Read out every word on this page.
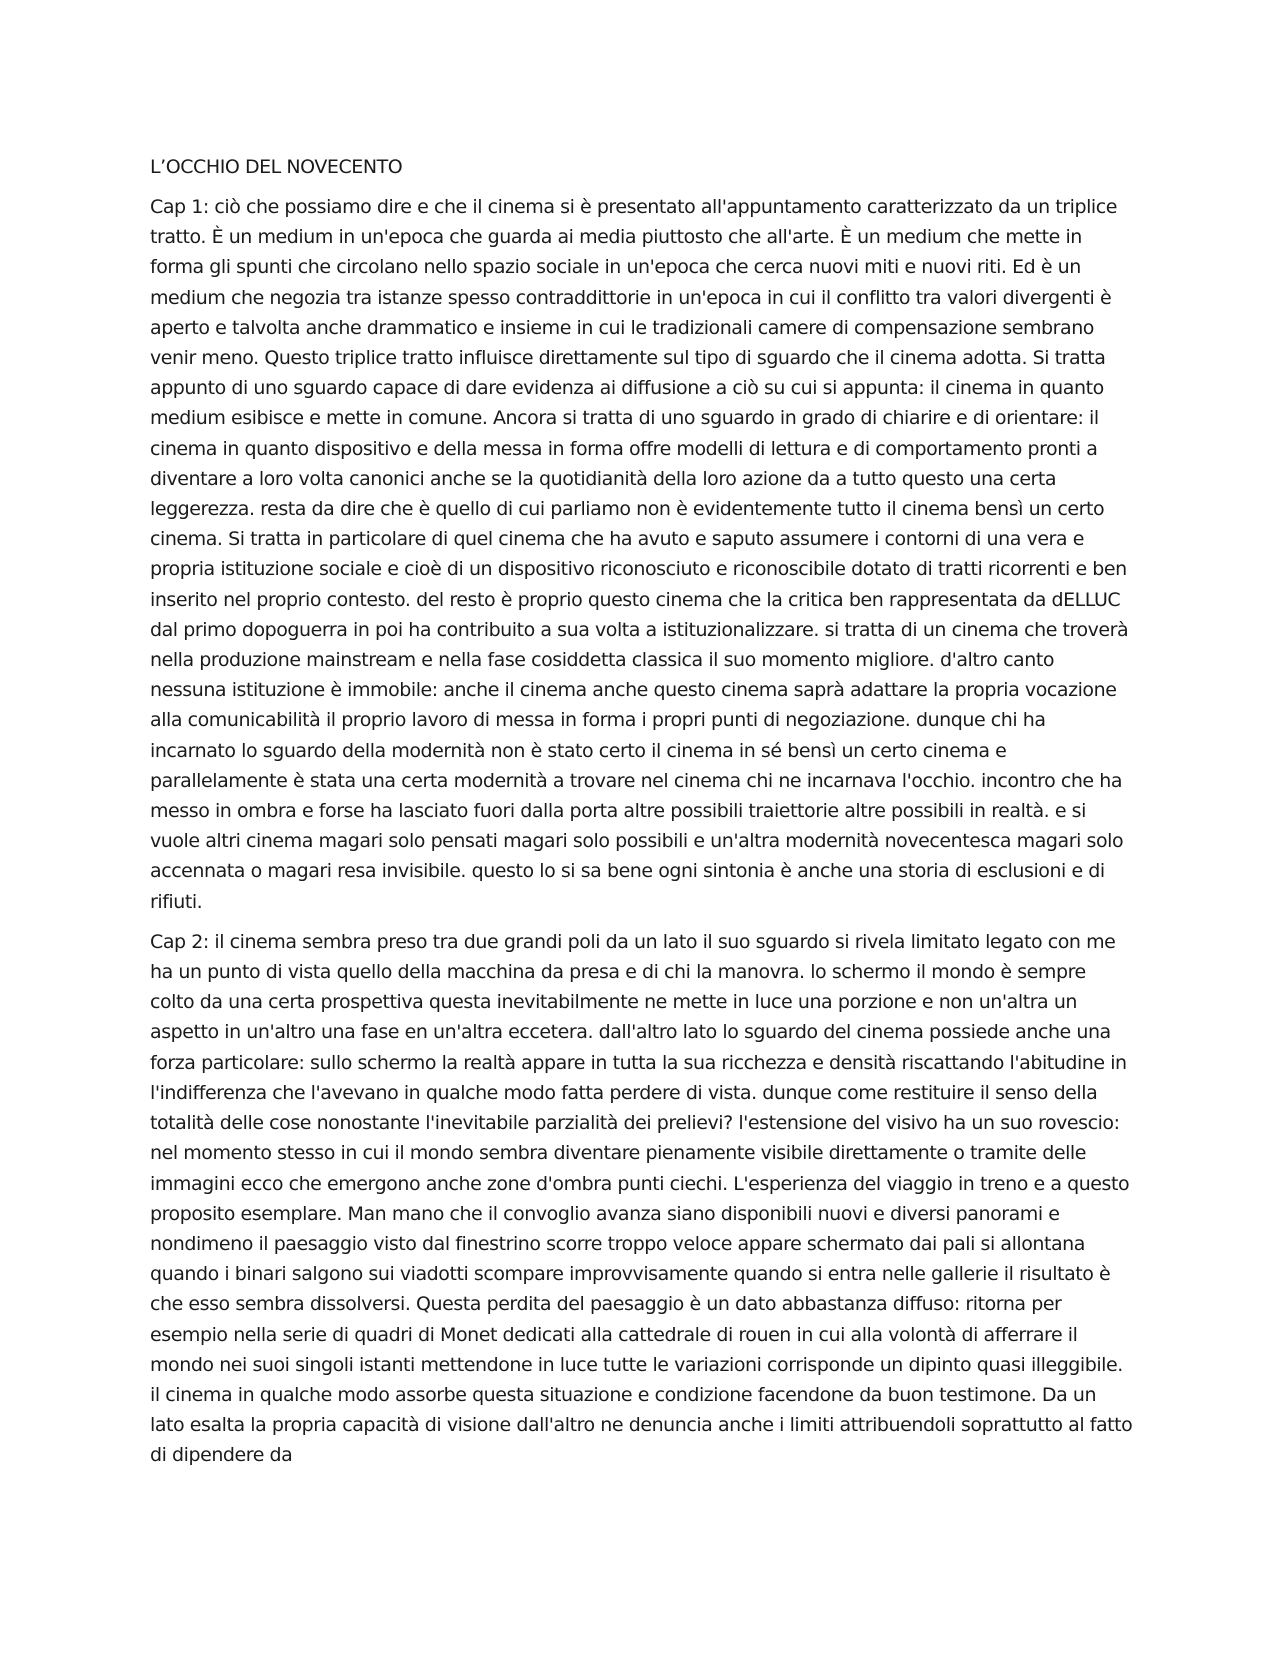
L’OCCHIO DEL NOVECENTO

Cap 1: ciò che possiamo dire e che il cinema si è presentato all'appuntamento caratterizzato da un triplice tratto. È un medium in un'epoca che guarda ai media piuttosto che all'arte. È un medium che mette in forma gli spunti che circolano nello spazio sociale in un'epoca che cerca nuovi miti e nuovi riti. Ed è un medium che negozia tra istanze spesso contraddittorie in un'epoca in cui il conflitto tra valori divergenti è aperto e talvolta anche drammatico e insieme in cui le tradizionali camere di compensazione sembrano venir meno. Questo triplice tratto influisce direttamente sul tipo di sguardo che il cinema adotta. Si tratta appunto di uno sguardo capace di dare evidenza ai diffusione a ciò su cui si appunta: il cinema in quanto medium esibisce e mette in comune. Ancora si tratta di uno sguardo in grado di chiarire e di orientare: il cinema in quanto dispositivo e della messa in forma offre modelli di lettura e di comportamento pronti a diventare a loro volta canonici anche se la quotidianità della loro azione da a tutto questo una certa leggerezza. resta da dire che è quello di cui parliamo non è evidentemente tutto il cinema bensì un certo cinema. Si tratta in particolare di quel cinema che ha avuto e saputo assumere i contorni di una vera e propria istituzione sociale e cioè di un dispositivo riconosciuto e riconoscibile dotato di tratti ricorrenti e ben inserito nel proprio contesto. del resto è proprio questo cinema che la critica ben rappresentata da dELLUC dal primo dopoguerra in poi ha contribuito a sua volta a istituzionalizzare. si tratta di un cinema che troverà nella produzione mainstream e nella fase cosiddetta classica il suo momento migliore. d'altro canto nessuna istituzione è immobile: anche il cinema anche questo cinema saprà adattare la propria vocazione alla comunicabilità il proprio lavoro di messa in forma i propri punti di negoziazione. dunque chi ha incarnato lo sguardo della modernità non è stato certo il cinema in sé bensì un certo cinema e parallelamente è stata una certa modernità a trovare nel cinema chi ne incarnava l'occhio. incontro che ha messo in ombra e forse ha lasciato fuori dalla porta altre possibili traiettorie altre possibili in realtà. e si vuole altri cinema magari solo pensati magari solo possibili e un'altra modernità novecentesca magari solo accennata o magari resa invisibile. questo lo si sa bene ogni sintonia è anche una storia di esclusioni e di rifiuti.

Cap 2: il cinema sembra preso tra due grandi poli da un lato il suo sguardo si rivela limitato legato con me ha un punto di vista quello della macchina da presa e di chi la manovra. lo schermo il mondo è sempre colto da una certa prospettiva questa inevitabilmente ne mette in luce una porzione e non un'altra un aspetto in un'altro una fase en un'altra eccetera. dall'altro lato lo sguardo del cinema possiede anche una forza particolare: sullo schermo la realtà appare in tutta la sua ricchezza e densità riscattando l'abitudine in l'indifferenza che l'avevano in qualche modo fatta perdere di vista. dunque come restituire il senso della totalità delle cose nonostante l'inevitabile parzialità dei prelievi? l'estensione del visivo ha un suo rovescio: nel momento stesso in cui il mondo sembra diventare pienamente visibile direttamente o tramite delle immagini ecco che emergono anche zone d'ombra punti ciechi. L'esperienza del viaggio in treno e a questo proposito esemplare. Man mano che il convoglio avanza siano disponibili nuovi e diversi panorami e nondimeno il paesaggio visto dal finestrino scorre troppo veloce appare schermato dai pali si allontana quando i binari salgono sui viadotti scompare improvvisamente quando si entra nelle gallerie il risultato è che esso sembra dissolversi. Questa perdita del paesaggio è un dato abbastanza diffuso: ritorna per esempio nella serie di quadri di Monet dedicati alla cattedrale di rouen in cui alla volontà di afferrare il mondo nei suoi singoli istanti mettendone in luce tutte le variazioni corrisponde un dipinto quasi illeggibile. il cinema in qualche modo assorbe questa situazione e condizione facendone da buon testimone. Da un lato esalta la propria capacità di visione dall'altro ne denuncia anche i limiti attribuendoli soprattutto al fatto di dipendere da
